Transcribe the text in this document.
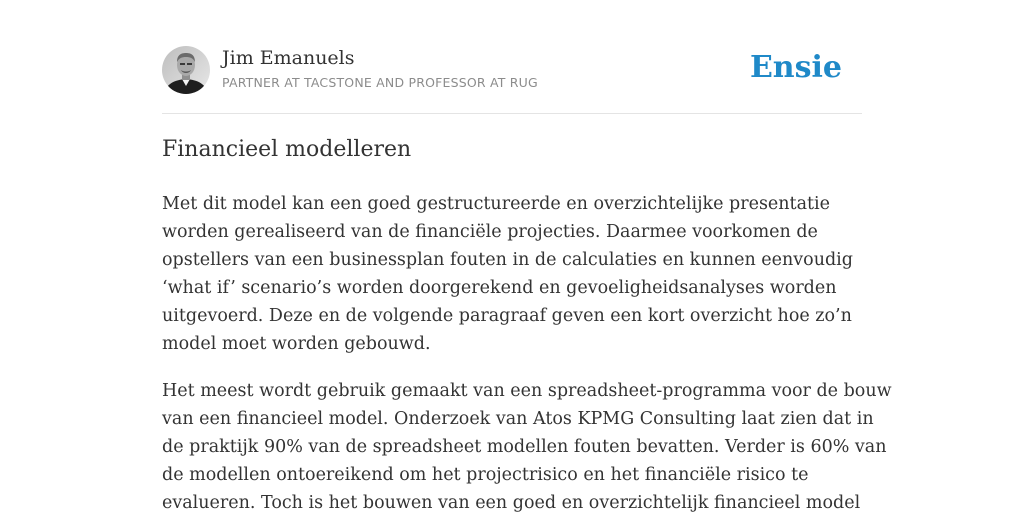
Jim Emanuels
PARTNER AT TACSTONE AND PROFESSOR AT RUG	Ensie
Financieel modelleren
Met dit model kan een goed gestructureerde en overzichtelijke presentatie
worden gerealiseerd van de financiële projecties. Daarmee voorkomen de
opstellers van een businessplan fouten in de calculaties en kunnen eenvoudig
‘what if’ scenario’s worden doorgerekend en gevoeligheidsanalyses worden
uitgevoerd. Deze en de volgende paragraaf geven een kort overzicht hoe zo’n
model moet worden gebouwd.
Het meest wordt gebruik gemaakt van een spreadsheet-programma voor de bouw
van een financieel model. Onderzoek van Atos KPMG Consulting laat zien dat in
de praktijk 90% van de spreadsheet modellen fouten bevatten. Verder is 60% van
de modellen ontoereikend om het projectrisico en het financiële risico te
evalueren. Toch is het bouwen van een goed en overzichtelijk financieel model
